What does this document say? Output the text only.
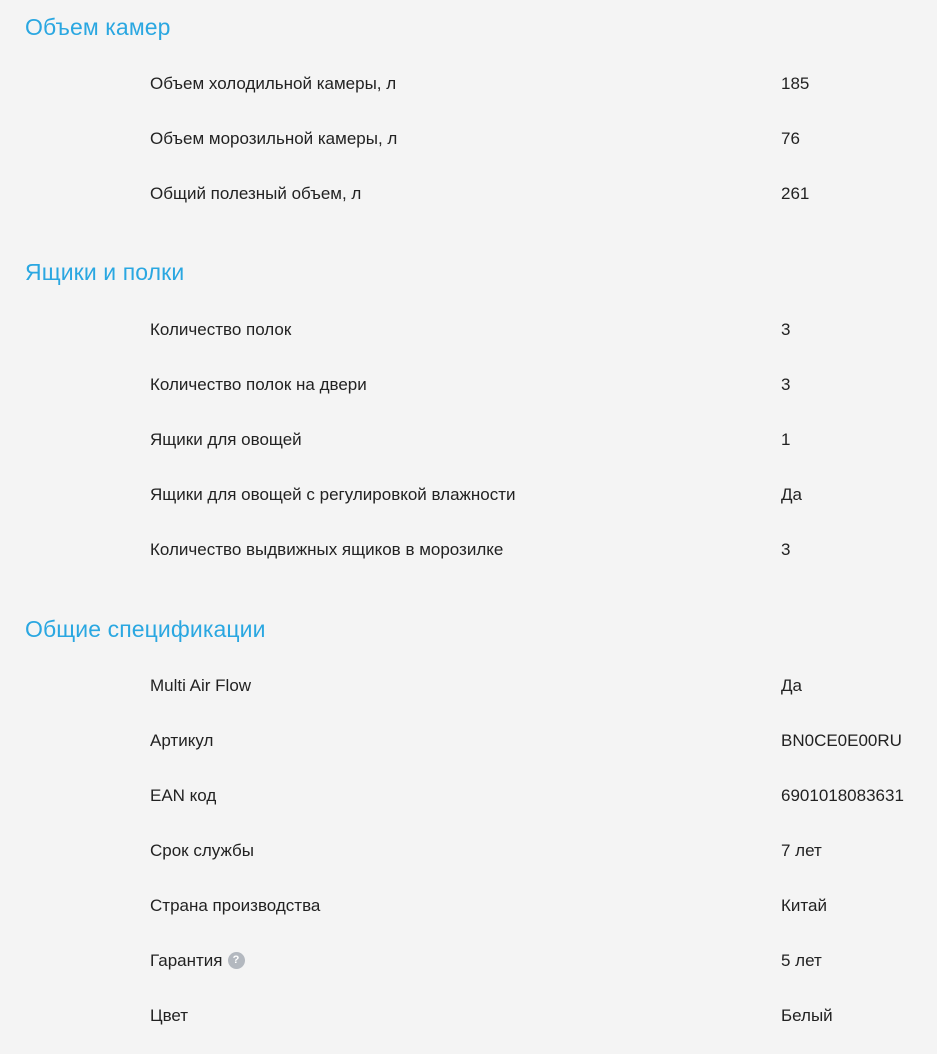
Объем камер
Объем холодильной камеры, л	185
Объем морозильной камеры, л	76
Общий полезный объем, л	261
Ящики и полки
Количество полок	3
Количество полок на двери	3
Ящики для овощей	1
Ящики для овощей с регулировкой влажности	Да
Количество выдвижных ящиков в морозилке	3
Общие спецификации
Multi Air Flow	Да
Артикул	BN0CE0E00RU
EAN код	6901018083631
Срок службы	7 лет
Страна производства	Китай
Гарантия ?	5 лет
Цвет	Белый
